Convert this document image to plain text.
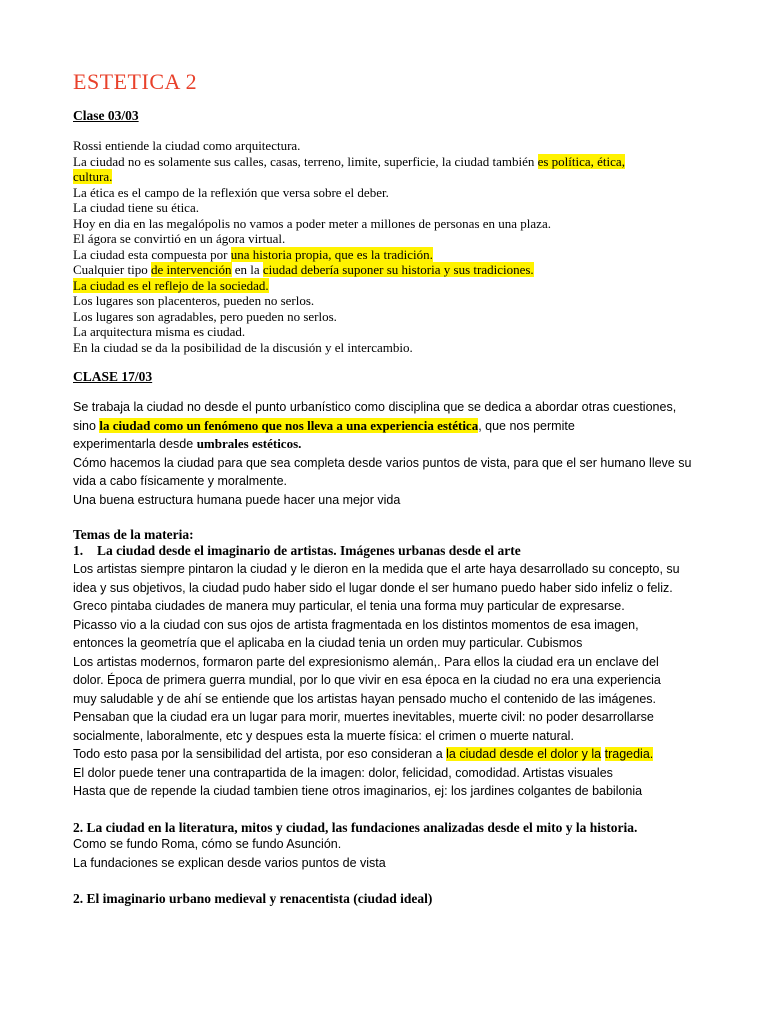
ESTETICA 2
Clase 03/03
Rossi entiende la ciudad como arquitectura.
La ciudad no es solamente sus calles, casas, terreno, limite, superficie, la ciudad también es política, ética,
cultura.
La ética es el campo de la reflexión que versa sobre el deber.
La ciudad tiene su ética.
Hoy en dia en las megalópolis no vamos a poder meter a millones de personas en una plaza.
El ágora se convirtió en un ágora virtual.
La ciudad esta compuesta por una historia propia, que es la tradición.
Cualquier tipo de intervención en la ciudad debería suponer su historia y sus tradiciones.
La ciudad es el reflejo de la sociedad.
Los lugares son placenteros, pueden no serlos.
Los lugares son agradables, pero pueden no serlos.
La arquitectura misma es ciudad.
En la ciudad se da la posibilidad de la discusión y el intercambio.
CLASE 17/03
Se trabaja la ciudad no desde el punto urbanístico como disciplina que se dedica a abordar otras cuestiones,
sino la ciudad como un fenómeno que nos lleva a una experiencia estética, que nos permite
experimentarla desde umbrales estéticos.
Cómo hacemos la ciudad para que sea completa desde varios puntos de vista, para que el ser humano lleve su
vida a cabo físicamente y moralmente.
Una buena estructura humana puede hacer una mejor vida
Temas de la materia:
1. La ciudad desde el imaginario de artistas. Imágenes urbanas desde el arte
Los artistas siempre pintaron la ciudad y le dieron en la medida que el arte haya desarrollado su concepto, su
idea y sus objetivos, la ciudad pudo haber sido el lugar donde el ser humano puedo haber sido infeliz o feliz.
Greco pintaba ciudades de manera muy particular, el tenia una forma muy particular de expresarse.
Picasso vio a la ciudad con sus ojos de artista fragmentada en los distintos momentos de esa imagen,
entonces la geometría que el aplicaba en la ciudad tenia un orden muy particular. Cubismos
Los artistas modernos, formaron parte del expresionismo alemán,. Para ellos la ciudad era un enclave del
dolor. Época de primera guerra mundial, por lo que vivir en esa época en la ciudad no era una experiencia
muy saludable y de ahí se entiende que los artistas hayan pensado mucho el contenido de las imágenes.
Pensaban que la ciudad era un lugar para morir, muertes inevitables, muerte civil: no poder desarrollarse
socialmente, laboralmente, etc y despues esta la muerte física: el crimen o muerte natural.
Todo esto pasa por la sensibilidad del artista, por eso consideran a la ciudad desde el dolor y la tragedia.
El dolor puede tener una contrapartida de la imagen: dolor, felicidad, comodidad. Artistas visuales
Hasta que de repende la ciudad tambien tiene otros imaginarios, ej: los jardines colgantes de babilonia
2. La ciudad en la literatura, mitos y ciudad, las fundaciones analizadas desde el mito y la historia.
Como se fundo Roma, cómo se fundo Asunción.
La fundaciones se explican desde varios puntos de vista
2. El imaginario urbano medieval y renacentista (ciudad ideal)
